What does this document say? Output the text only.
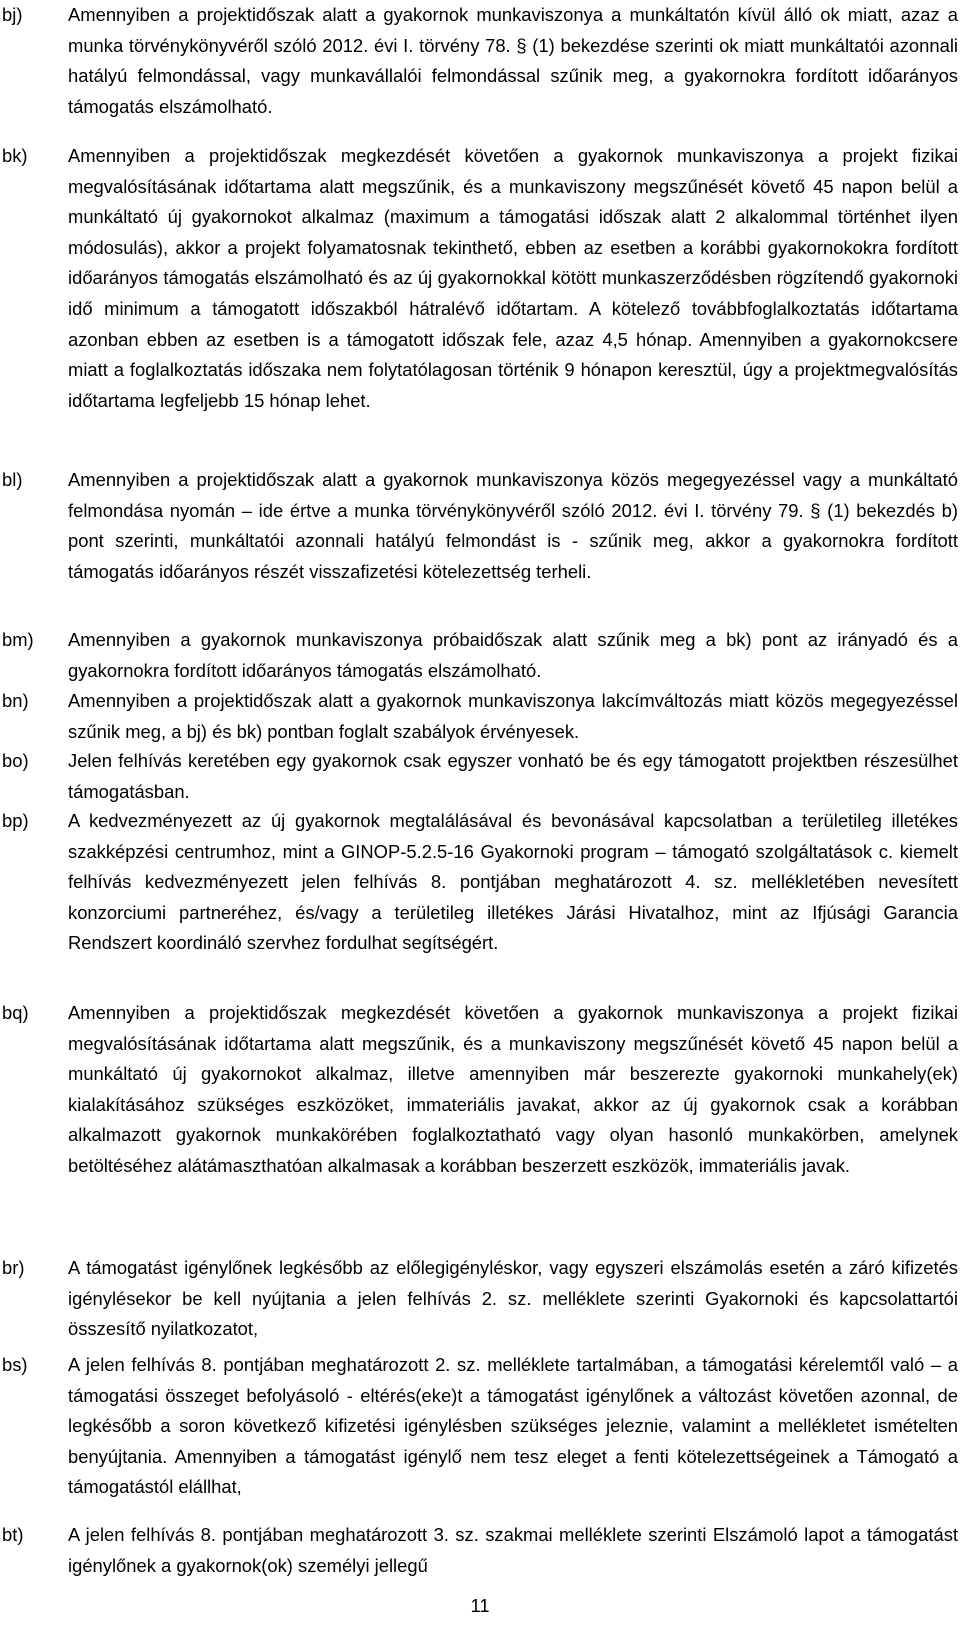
bj)	Amennyiben a projektidőszak alatt a gyakornok munkaviszonya a munkáltatón kívül álló ok miatt, azaz a munka törvénykönyvéről szóló 2012. évi I. törvény 78. § (1) bekezdése szerinti ok miatt munkáltatói azonnali hatályú felmondással, vagy munkavállalói felmondással szűnik meg, a gyakornokra fordított időarányos támogatás elszámolható.
bk)	Amennyiben a projektidőszak megkezdését követően a gyakornok munkaviszonya a projekt fizikai megvalósításának időtartama alatt megszűnik, és a munkaviszony megszűnését követő 45 napon belül a munkáltató új gyakornokot alkalmaz (maximum a támogatási időszak alatt 2 alkalommal történhet ilyen módosulás), akkor a projekt folyamatosnak tekinthető, ebben az esetben a korábbi gyakornokokra fordított időarányos támogatás elszámolható és az új gyakornokkal kötött munkaszerződésben rögzítendő gyakornoki idő minimum a támogatott időszakból hátralévő időtartam. A kötelező továbbfoglalkoztatás időtartama azonban ebben az esetben is a támogatott időszak fele, azaz 4,5 hónap. Amennyiben a gyakornokcsere miatt a foglalkoztatás időszaka nem folytatólagosan történik 9 hónapon keresztül, úgy a projektmegvalósítás időtartama legfeljebb 15 hónap lehet.
bl)	Amennyiben a projektidőszak alatt a gyakornok munkaviszonya közös megegyezéssel vagy a munkáltató felmondása nyomán – ide értve a munka törvénykönyvéről szóló 2012. évi I. törvény 79. § (1) bekezdés b) pont szerinti, munkáltatói azonnali hatályú felmondást is - szűnik meg, akkor a gyakornokra fordított támogatás időarányos részét visszafizetési kötelezettség terheli.
bm)	Amennyiben a gyakornok munkaviszonya próbaidőszak alatt szűnik meg a bk) pont az irányadó és a gyakornokra fordított időarányos támogatás elszámolható.
bn)	Amennyiben a projektidőszak alatt a gyakornok munkaviszonya lakcímváltozás miatt közös megegyezéssel szűnik meg, a bj) és bk) pontban foglalt szabályok érvényesek.
bo)	Jelen felhívás keretében egy gyakornok csak egyszer vonható be és egy támogatott projektben részesülhet támogatásban.
bp)	A kedvezményezett az új gyakornok megtalálásával és bevonásával kapcsolatban a területileg illetékes szakképzési centrumhoz, mint a GINOP-5.2.5-16 Gyakornoki program – támogató szolgáltatások c. kiemelt felhívás kedvezményezett jelen felhívás 8. pontjában meghatározott 4. sz. mellékletében nevesített konzorciumi partneréhez, és/vagy a területileg illetékes Járási Hivatalhoz, mint az Ifjúsági Garancia Rendszert koordináló szervhez fordulhat segítségért.
bq)	Amennyiben a projektidőszak megkezdését követően a gyakornok munkaviszonya a projekt fizikai megvalósításának időtartama alatt megszűnik, és a munkaviszony megszűnését követő 45 napon belül a munkáltató új gyakornokot alkalmaz, illetve amennyiben már beszerezte gyakornoki munkahely(ek) kialakításához szükséges eszközöket, immateriális javakat, akkor az új gyakornok csak a korábban alkalmazott gyakornok munkakörében foglalkoztatható vagy olyan hasonló munkakörben, amelynek betöltéséhez alátámaszthatóan alkalmasak a korábban beszerzett eszközök, immateriális javak.
br)	A támogatást igénylőnek legkésőbb az előlegigényléskor, vagy egyszeri elszámolás esetén a záró kifizetés igénylésekor be kell nyújtania a jelen felhívás 2. sz. melléklete szerinti Gyakornoki és kapcsolattartói összesítő nyilatkozatot,
bs)	A jelen felhívás 8. pontjában meghatározott 2. sz. melléklete tartalmában, a támogatási kérelemtől való – a támogatási összeget befolyásoló - eltérés(eke)t a támogatást igénylőnek a változást követően azonnal, de legkésőbb a soron következő kifizetési igénylésben szükséges jeleznie, valamint a mellékletet ismételten benyújtania. Amennyiben a támogatást igénylő nem tesz eleget a fenti kötelezettségeinek a Támogató a támogatástól elállhat,
bt)	A jelen felhívás 8. pontjában meghatározott 3. sz. szakmai melléklete szerinti Elszámoló lapot a támogatást igénylőnek a gyakornok(ok) személyi jellegű
11
